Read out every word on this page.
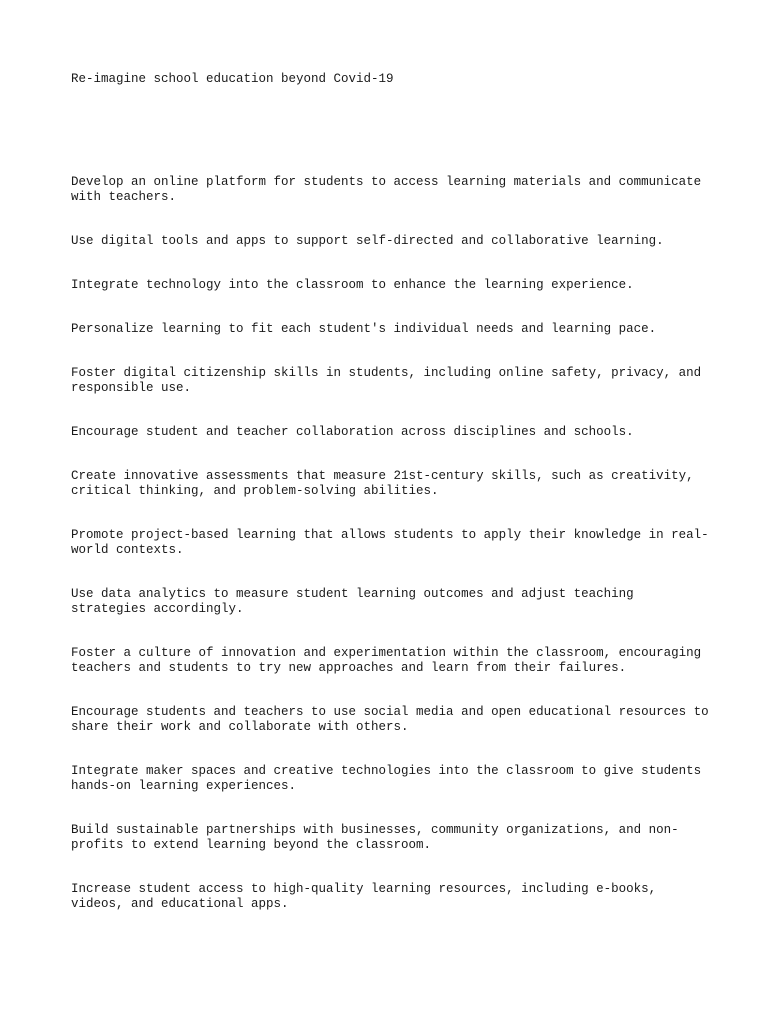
Re-imagine school education beyond Covid-19
Develop an online platform for students to access learning materials and communicate with teachers.
Use digital tools and apps to support self-directed and collaborative learning.
Integrate technology into the classroom to enhance the learning experience.
Personalize learning to fit each student's individual needs and learning pace.
Foster digital citizenship skills in students, including online safety, privacy, and responsible use.
Encourage student and teacher collaboration across disciplines and schools.
Create innovative assessments that measure 21st-century skills, such as creativity, critical thinking, and problem-solving abilities.
Promote project-based learning that allows students to apply their knowledge in real-world contexts.
Use data analytics to measure student learning outcomes and adjust teaching strategies accordingly.
Foster a culture of innovation and experimentation within the classroom, encouraging teachers and students to try new approaches and learn from their failures.
Encourage students and teachers to use social media and open educational resources to share their work and collaborate with others.
Integrate maker spaces and creative technologies into the classroom to give students hands-on learning experiences.
Build sustainable partnerships with businesses, community organizations, and non-profits to extend learning beyond the classroom.
Increase student access to high-quality learning resources, including e-books, videos, and educational apps.
